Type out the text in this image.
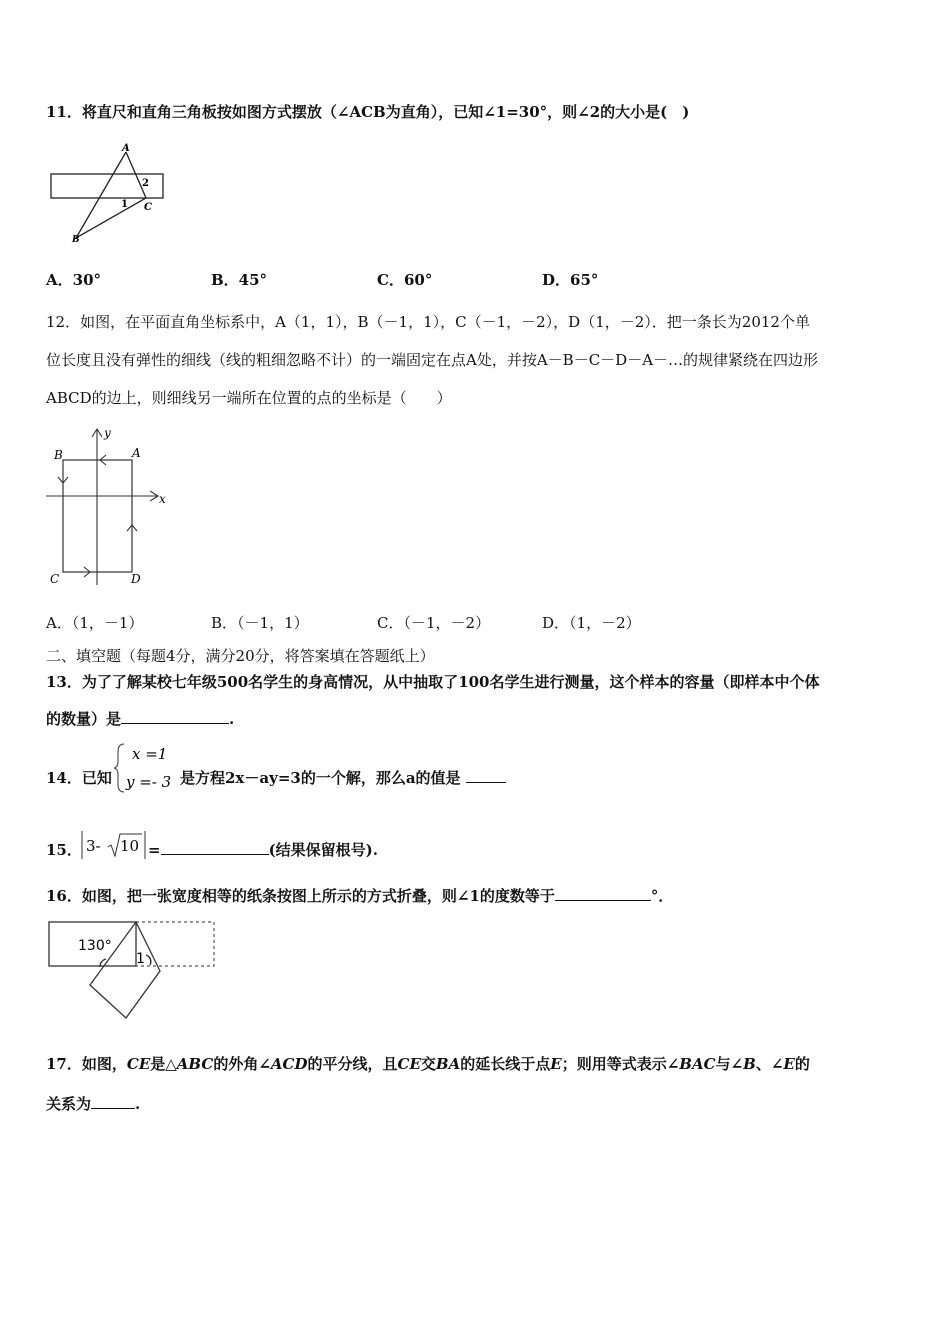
11．将直尺和直角三角板按如图方式摆放（∠ACB为直角），已知∠1=30°，则∠2的大小是(　)
A
2
1 C
B
A．30°	B．45°	C．60°	D．65°
12．如图，在平面直角坐标系中，A（1，1），B（－1，1），C（－1，－2），D（1，－2）．把一条长为2012个单
位长度且没有弹性的细线（线的粗细忽略不计）的一端固定在点A处，并按A－B－C－D－A－…的规律紧绕在四边形
ABCD的边上，则细线另一端所在位置的点的坐标是（　　）
y
x
A
B
C	D
A．（1，－1）	B．（－1，1）	C．（－1，－2）	D．（1，－2）
二、填空题（每题4分，满分20分，将答案填在答题纸上）
13．为了了解某校七年级500名学生的身高情况，从中抽取了100名学生进行测量，这个样本的容量（即样本中个体
的数量）是	.
14．已知
x =1
y =- 3 是方程2x－ay=3的一个解，那么a的值是
15． 3- 10 =	(结果保留根号).
16．如图，把一张宽度相等的纸条按图上所示的方式折叠，则∠1的度数等于	°．
130°
1
17．如图，CE是△ABC的外角∠ACD的平分线，且CE交BA的延长线于点E；则用等式表示∠BAC与∠B、∠E的
关系为	.
